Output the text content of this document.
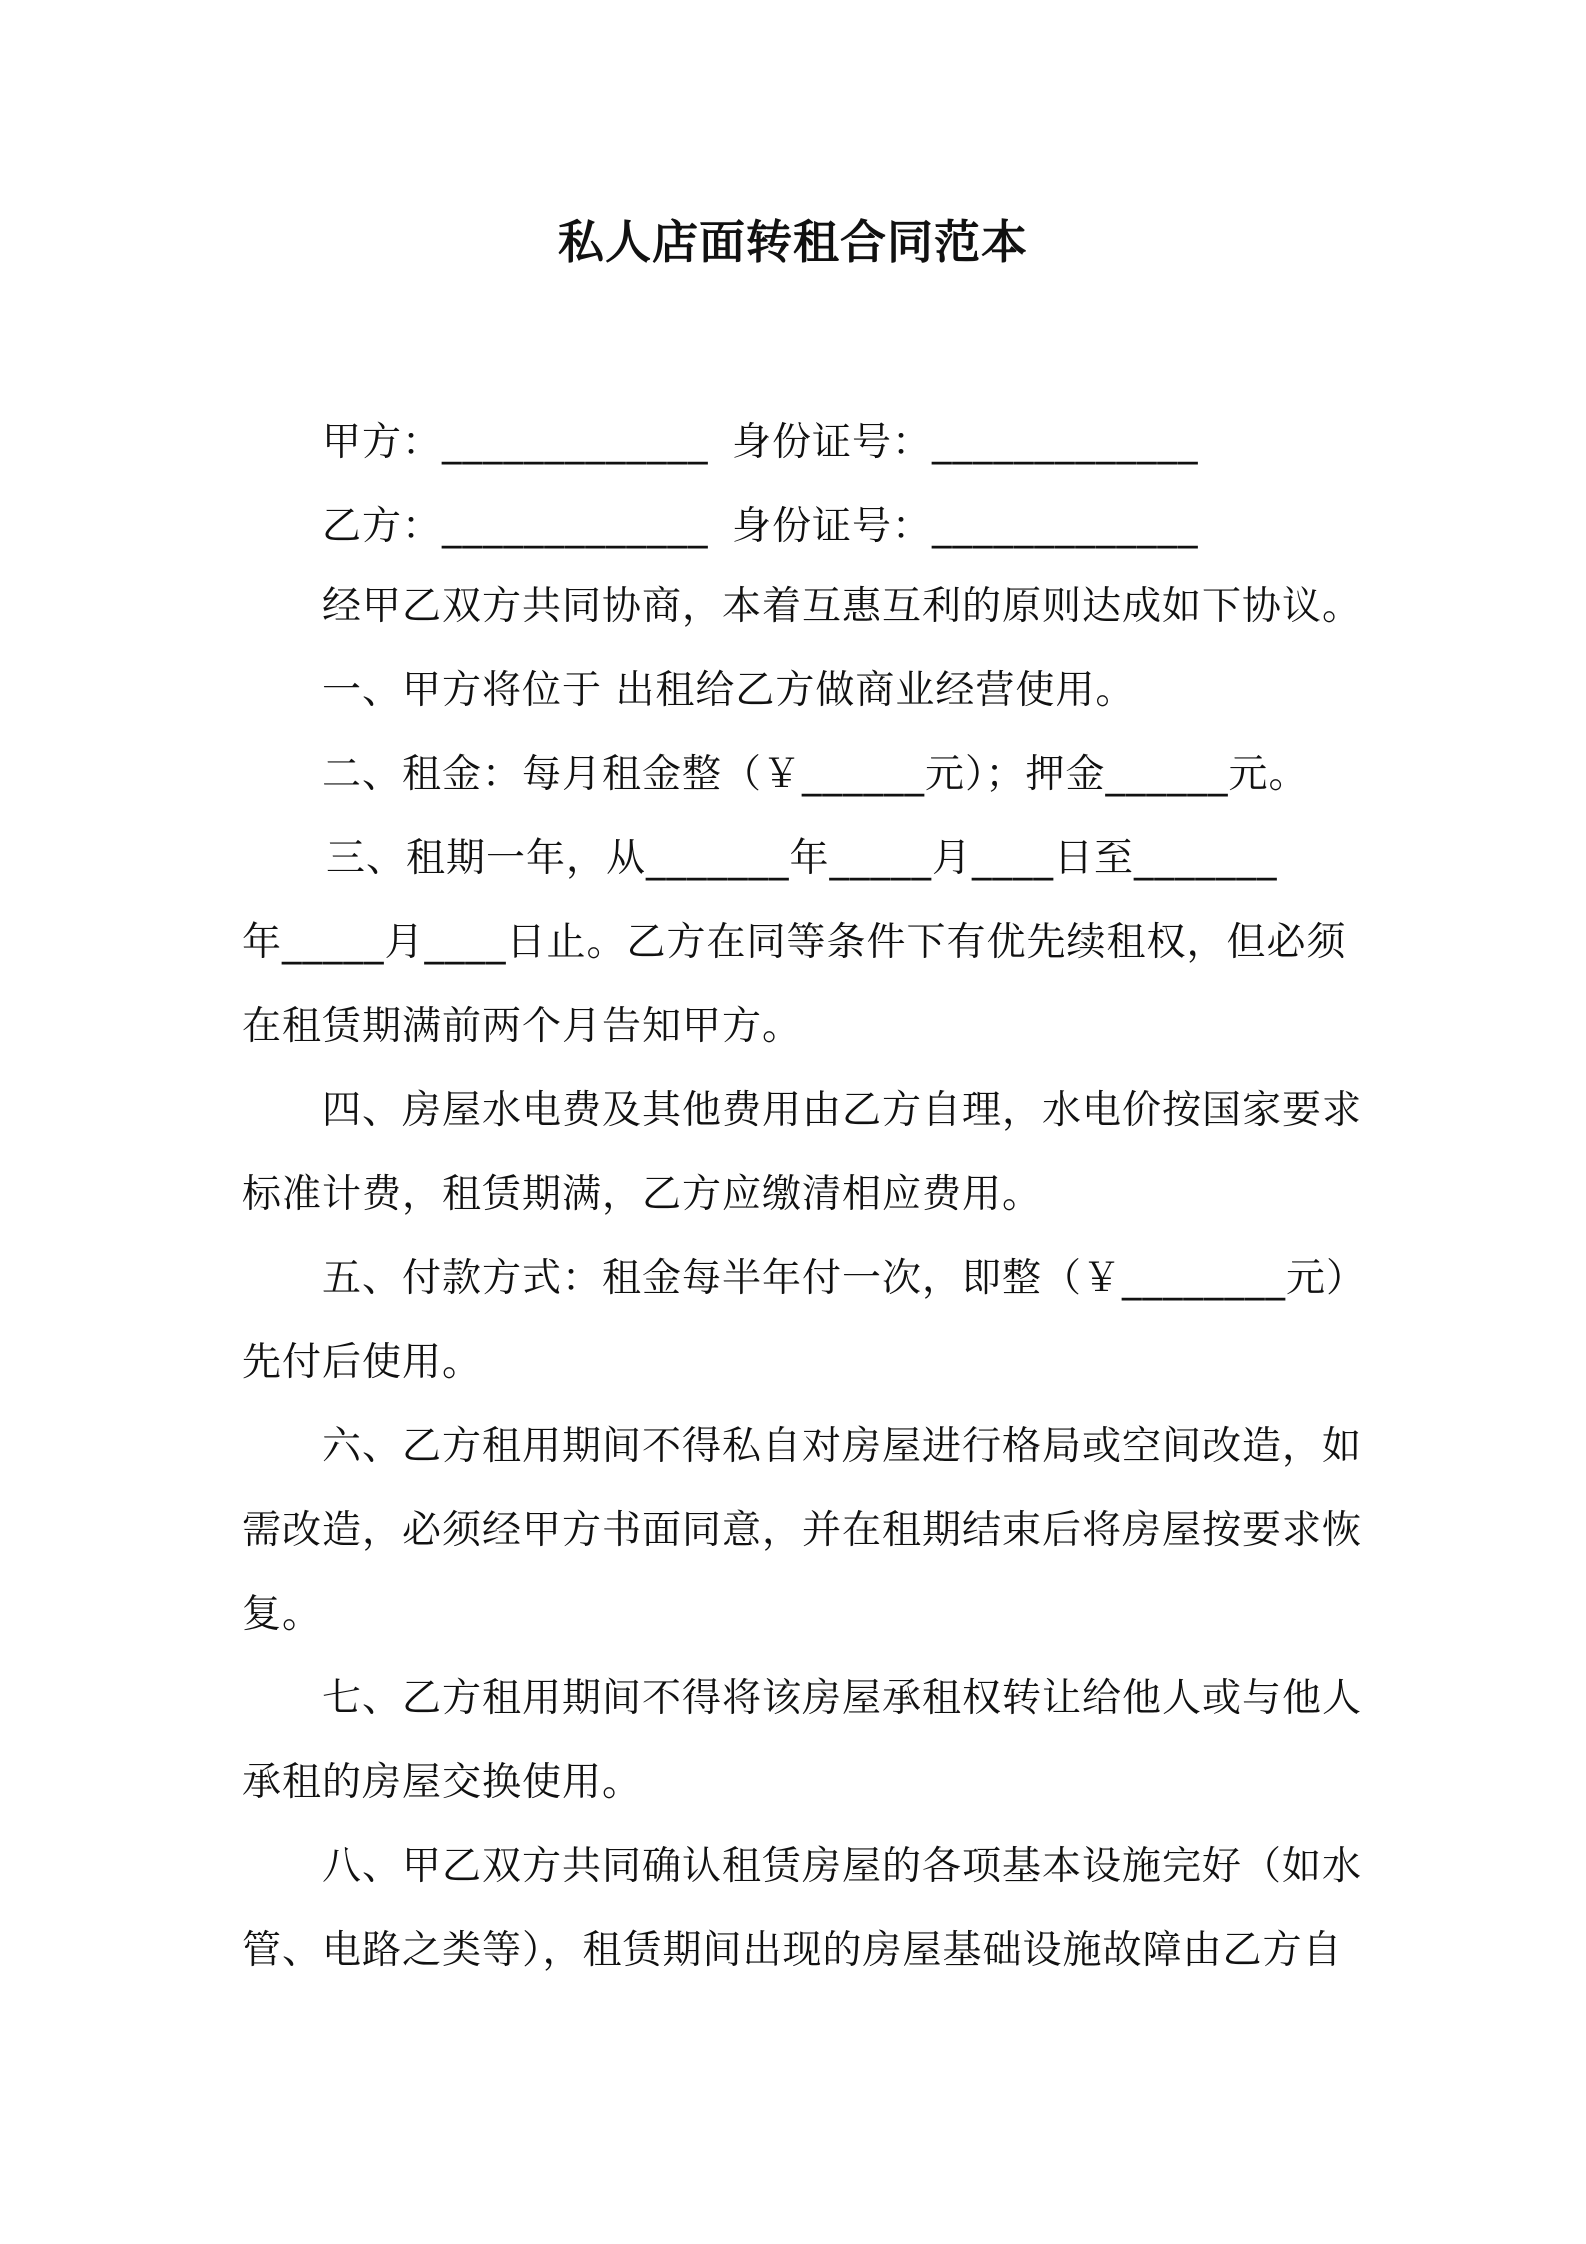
私人店面转租合同范本
甲方：_____________ 身份证号：_____________
乙方：_____________ 身份证号：_____________
经甲乙双方共同协商，本着互惠互利的原则达成如下协议。
一、甲方将位于 出租给乙方做商业经营使用。
二、租金：每月租金整（￥______元）；押金______元。
三、租期一年，从_______年_____月____日至_______
年_____月____日止。乙方在同等条件下有优先续租权，但必须
在租赁期满前两个月告知甲方。
四、房屋水电费及其他费用由乙方自理，水电价按国家要求
标准计费，租赁期满，乙方应缴清相应费用。
五、付款方式：租金每半年付一次，即整（￥________元）
先付后使用。
六、乙方租用期间不得私自对房屋进行格局或空间改造，如
需改造，必须经甲方书面同意，并在租期结束后将房屋按要求恢
复。
七、乙方租用期间不得将该房屋承租权转让给他人或与他人
承租的房屋交换使用。
八、甲乙双方共同确认租赁房屋的各项基本设施完好（如水
管、电路之类等），租赁期间出现的房屋基础设施故障由乙方自
